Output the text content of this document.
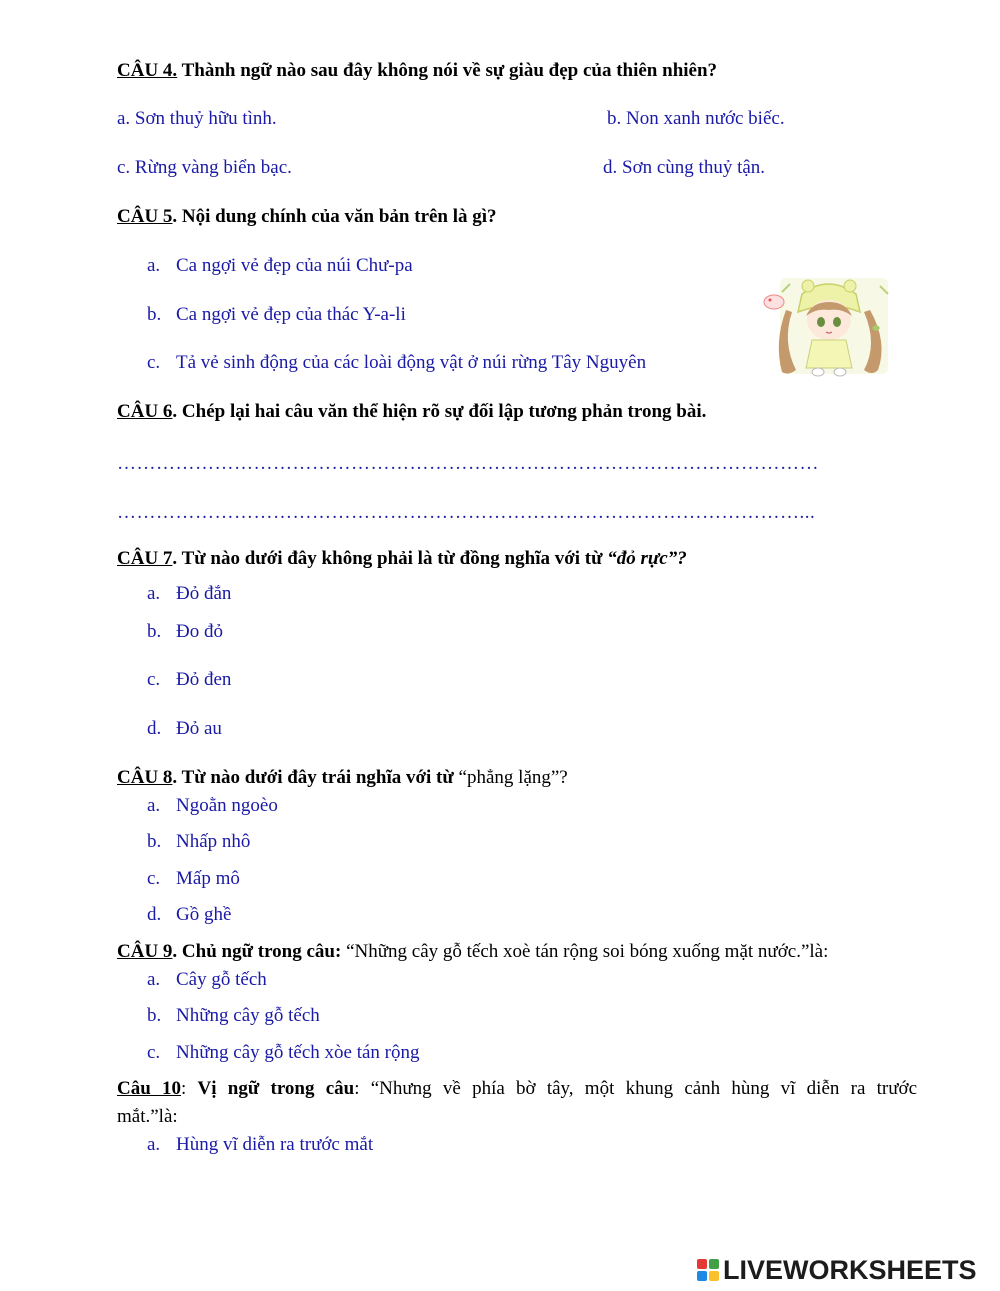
CÂU 4. Thành ngữ nào sau đây không nói về sự giàu đẹp của thiên nhiên?
a. Sơn thuỷ hữu tình.	b. Non xanh nước biếc.
c. Rừng vàng biển bạc.	d. Sơn cùng thuỷ tận.
CÂU 5. Nội dung chính của văn bản trên là gì?
a. Ca ngợi vẻ đẹp của núi Chư-pa
b. Ca ngợi vẻ đẹp của thác Y-a-li
c. Tả vẻ sinh động của các loài động vật ở núi rừng Tây Nguyên
CÂU 6. Chép lại hai câu văn thể hiện rõ sự đối lập tương phản trong bài.
………………………………………………………………………………………………
……………………………………………………………………………………………...
CÂU 7. Từ nào dưới đây không phải là từ đồng nghĩa với từ “đỏ rực”?
a. Đỏ đắn
b. Đo đỏ
c. Đỏ đen
d. Đỏ au
CÂU 8. Từ nào dưới đây trái nghĩa với từ “phẳng lặng”?
a. Ngoằn ngoèo
b. Nhấp nhô
c. Mấp mô
d. Gồ ghề
CÂU 9. Chủ ngữ trong câu: “Những cây gỗ tếch xoè tán rộng soi bóng xuống mặt nước.”là:
a. Cây gỗ tếch
b. Những cây gỗ tếch
c. Những cây gỗ tếch xòe tán rộng
Câu 10: Vị ngữ trong câu: “Nhưng về phía bờ tây, một khung cảnh hùng vĩ diễn ra trước
mắt.”là:
a. Hùng vĩ diễn ra trước mắt
LIVEWORKSHEETS
